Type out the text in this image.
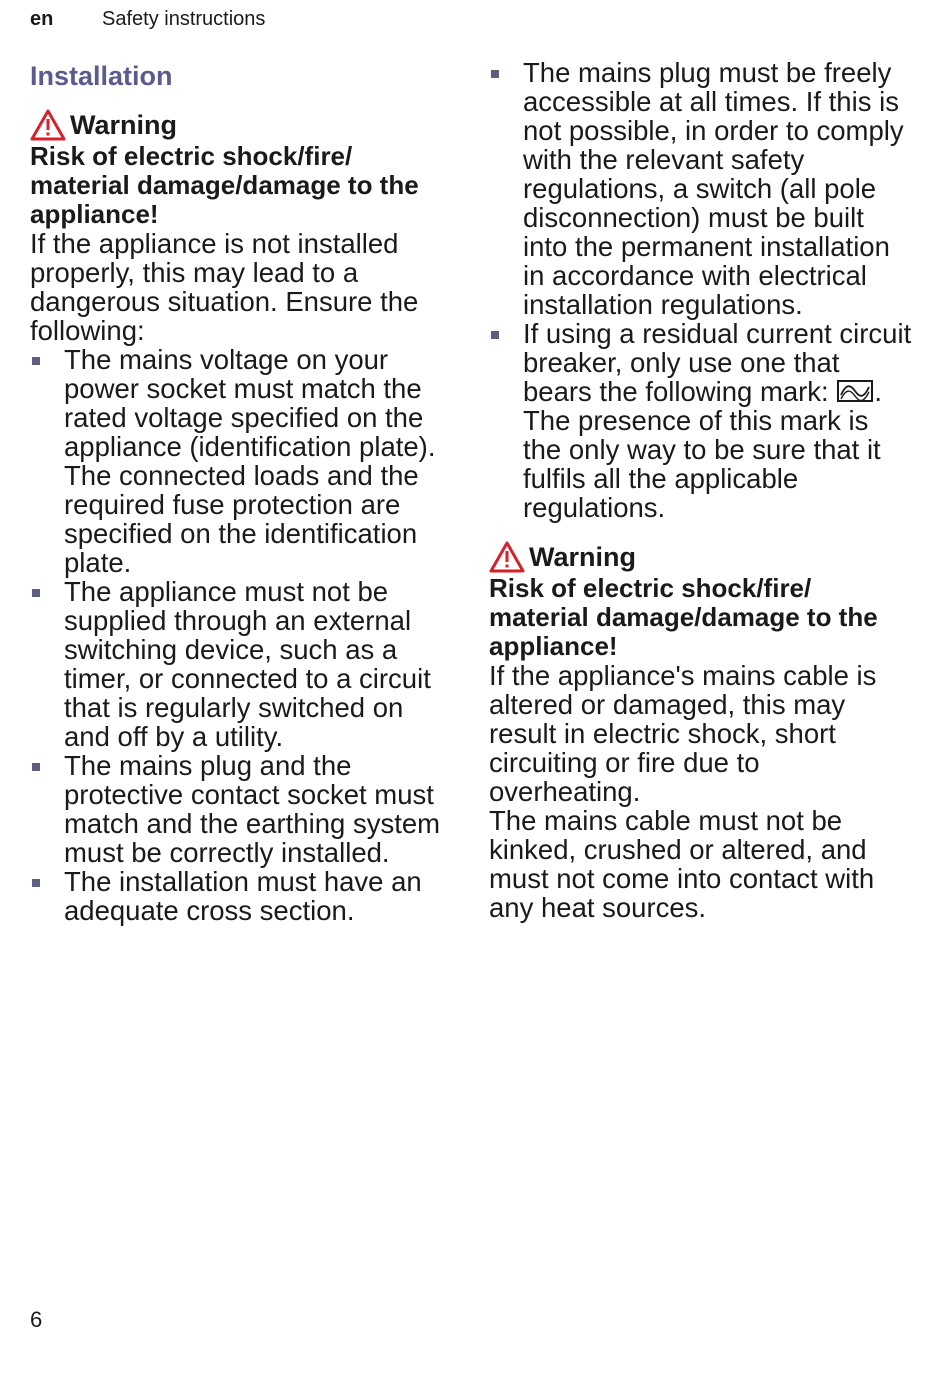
en Safety instructions
Installation
Warning
Risk of electric shock/fire/ material damage/damage to the appliance!
If the appliance is not installed properly, this may lead to a dangerous situation. Ensure the following:
The mains voltage on your power socket must match the rated voltage specified on the appliance (identification plate). The connected loads and the required fuse protection are specified on the identification plate.
The appliance must not be supplied through an external switching device, such as a timer, or connected to a circuit that is regularly switched on and off by a utility.
The mains plug and the protective contact socket must match and the earthing system must be correctly installed.
The installation must have an adequate cross section.
The mains plug must be freely accessible at all times. If this is not possible, in order to comply with the relevant safety regulations, a switch (all pole disconnection) must be built into the permanent installation in accordance with electrical installation regulations.
If using a residual current circuit breaker, only use one that bears the following mark: . The presence of this mark is the only way to be sure that it fulfils all the applicable regulations.
Warning
Risk of electric shock/fire/ material damage/damage to the appliance!
If the appliance's mains cable is altered or damaged, this may result in electric shock, short circuiting or fire due to overheating.
The mains cable must not be kinked, crushed or altered, and must not come into contact with any heat sources.
6
